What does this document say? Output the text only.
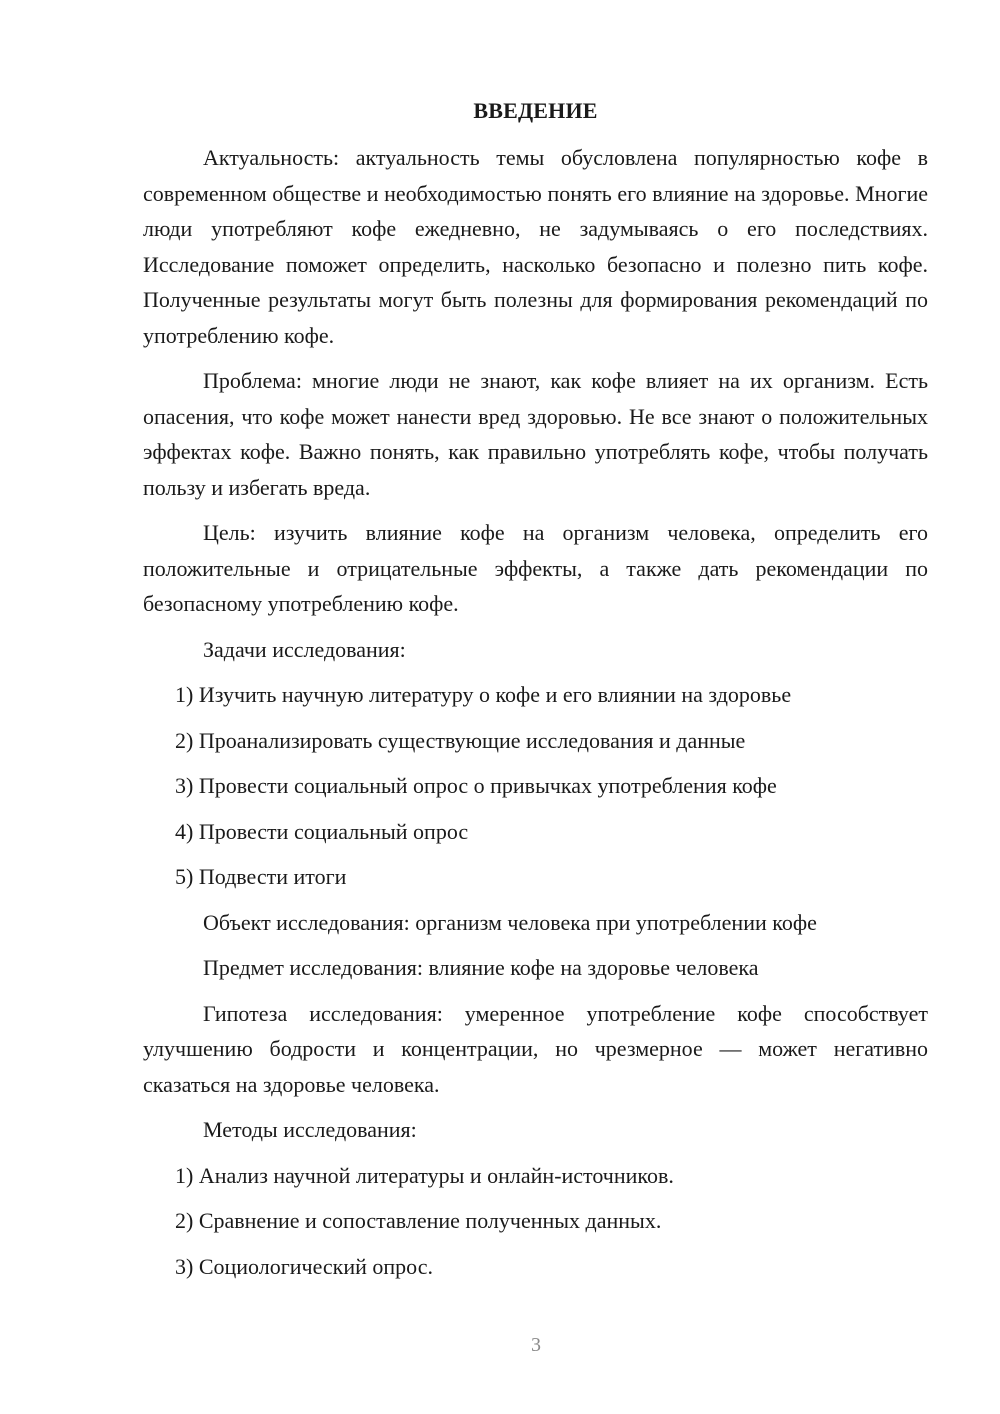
ВВЕДЕНИЕ

Актуальность: актуальность темы обусловлена популярностью кофе в современном обществе и необходимостью понять его влияние на здоровье. Многие люди употребляют кофе ежедневно, не задумываясь о его последствиях. Исследование поможет определить, насколько безопасно и полезно пить кофе. Полученные результаты могут быть полезны для формирования рекомендаций по употреблению кофе.

Проблема: многие люди не знают, как кофе влияет на их организм. Есть опасения, что кофе может нанести вред здоровью. Не все знают о положительных эффектах кофе. Важно понять, как правильно употреблять кофе, чтобы получать пользу и избегать вреда.

Цель: изучить влияние кофе на организм человека, определить его положительные и отрицательные эффекты, а также дать рекомендации по безопасному употреблению кофе.

Задачи исследования:
1) Изучить научную литературу о кофе и его влиянии на здоровье
2) Проанализировать существующие исследования и данные
3) Провести социальный опрос о привычках употребления кофе
4) Провести социальный опрос
5) Подвести итоги
Объект исследования: организм человека при употреблении кофе
Предмет исследования: влияние кофе на здоровье человека

Гипотеза исследования: умеренное употребление кофе способствует улучшению бодрости и концентрации, но чрезмерное — может негативно сказаться на здоровье человека.

Методы исследования:
1) Анализ научной литературы и онлайн-источников.
2) Сравнение и сопоставление полученных данных.
3) Социологический опрос.
3
